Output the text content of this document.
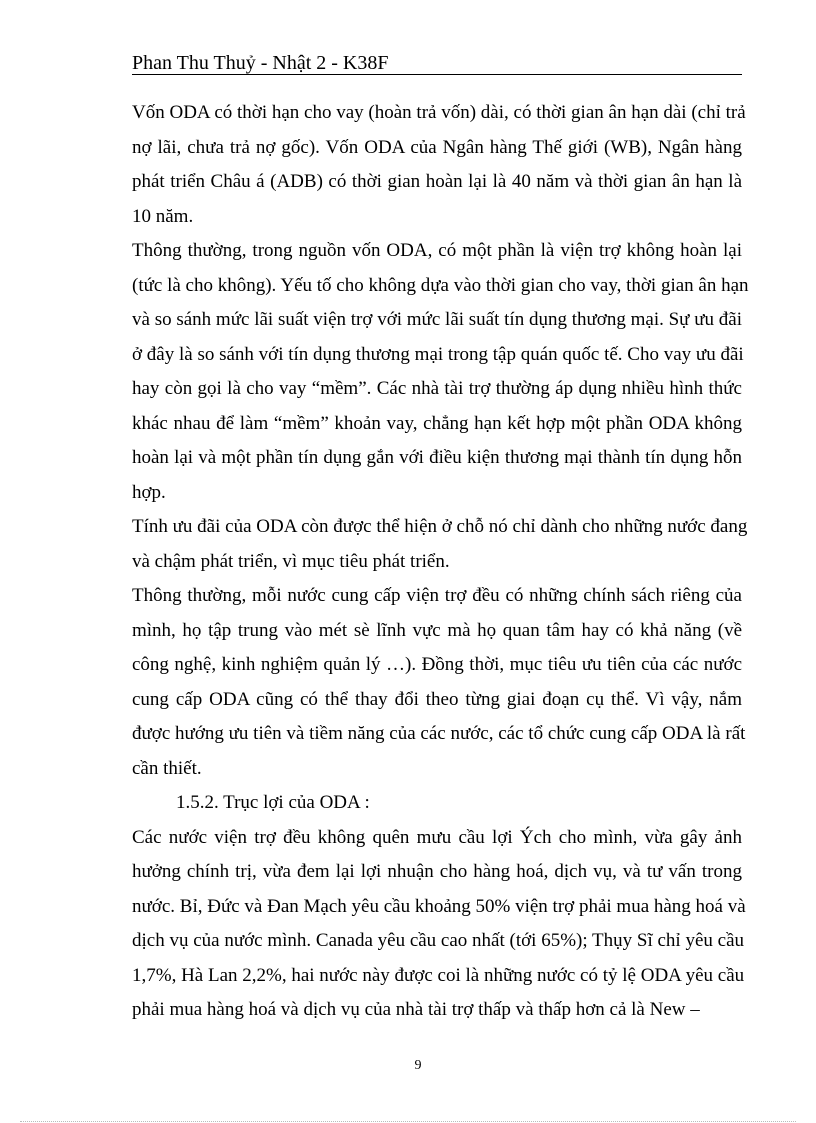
Phan Thu Thuỷ - Nhật 2 - K38F
Vốn ODA có thời hạn cho vay (hoàn trả vốn) dài, có thời gian ân hạn dài (chỉ trả
nợ lãi, chưa trả nợ gốc). Vốn ODA của Ngân hàng Thế giới (WB), Ngân hàng
phát triển Châu á (ADB) có thời gian hoàn lại là 40 năm và thời gian ân hạn là
10 năm.
Thông thường, trong nguồn vốn ODA, có một phần là viện trợ không hoàn lại
(tức là cho không). Yếu tố cho không dựa vào thời gian cho vay, thời gian ân hạn
và so sánh mức lãi suất viện trợ với mức lãi suất tín dụng thương mại. Sự ưu đãi
ở đây là so sánh với tín dụng thương mại trong tập quán quốc tế. Cho vay ưu đãi
hay còn gọi là cho vay “mềm”. Các nhà tài trợ thường áp dụng nhiều hình thức
khác nhau để làm “mềm” khoản vay, chẳng hạn kết hợp một phần ODA không
hoàn lại và một phần tín dụng gắn với điều kiện thương mại thành tín dụng hỗn
hợp.
Tính ưu đãi của ODA còn được thể hiện ở chỗ nó chỉ dành cho những nước đang
và chậm phát triển, vì mục tiêu phát triển.
Thông thường, mỗi nước cung cấp viện trợ đều có những chính sách riêng của
mình, họ tập trung vào mét sè lĩnh vực mà họ quan tâm hay có khả năng (về
công nghệ, kinh nghiệm quản lý …). Đồng thời, mục tiêu ưu tiên của các nước
cung cấp ODA cũng có thể thay đổi theo từng giai đoạn cụ thể. Vì vậy, nắm
được hướng ưu tiên và tiềm năng của các nước, các tổ chức cung cấp ODA là rất
cần thiết.
1.5.2. Trục lợi của ODA :
Các nước viện trợ đều không quên mưu cầu lợi Ých cho mình, vừa gây ảnh
hưởng chính trị, vừa đem lại lợi nhuận cho hàng hoá, dịch vụ, và tư vấn trong
nước. Bỉ, Đức và Đan Mạch yêu cầu khoảng 50% viện trợ phải mua hàng hoá và
dịch vụ của nước mình. Canada yêu cầu cao nhất (tới 65%); Thụy Sĩ chỉ yêu cầu
1,7%, Hà Lan 2,2%, hai nước này được coi là những nước có tỷ lệ ODA yêu cầu
phải mua hàng hoá và dịch vụ của nhà tài trợ thấp và thấp hơn cả là New –
9
